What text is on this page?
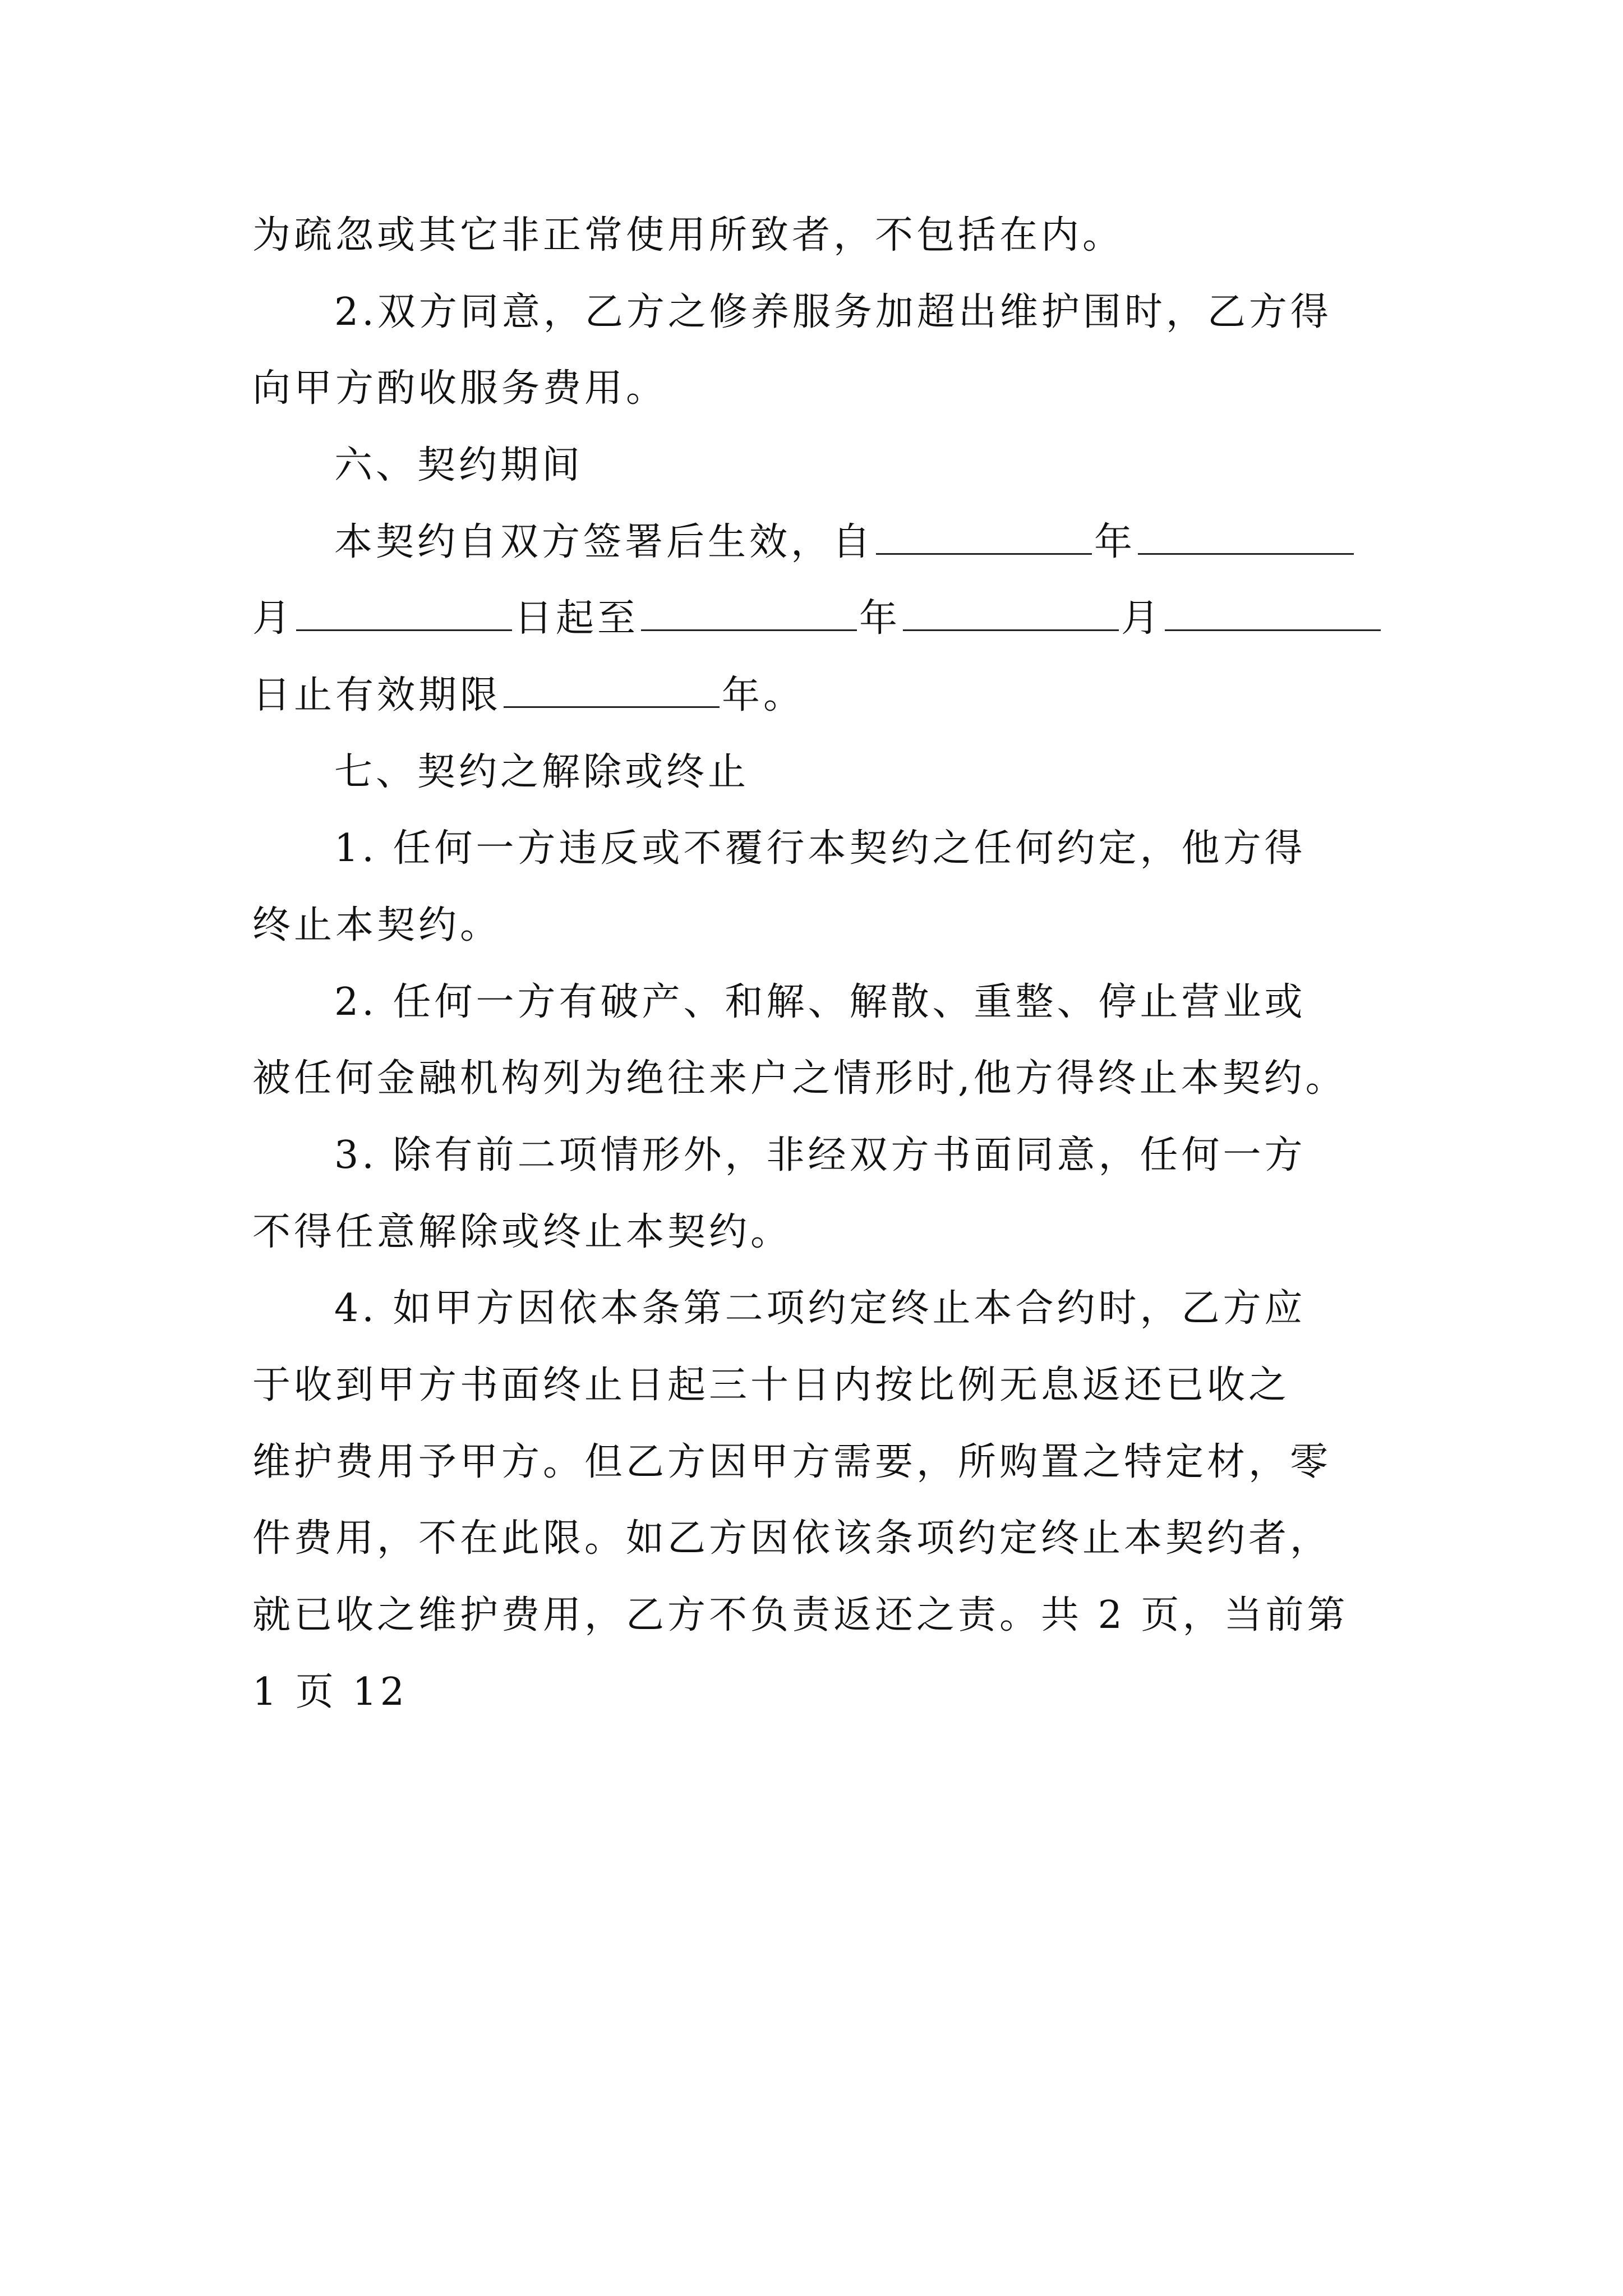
为疏忽或其它非正常使用所致者，不包括在内。
2.双方同意，乙方之修养服务加超出维护围时，乙方得
向甲方酌收服务费用。
六、契约期间
本契约自双方签署后生效，自	年
月	日起至	年	月
日止有效期限	年。
七、契约之解除或终止
1. 任何一方违反或不覆行本契约之任何约定，他方得
终止本契约。
2. 任何一方有破产、和解、解散、重整、停止营业或
被任何金融机构列为绝往来户之情形时,他方得终止本契约。
3. 除有前二项情形外，非经双方书面同意，任何一方
不得任意解除或终止本契约。
4. 如甲方因依本条第二项约定终止本合约时，乙方应
于收到甲方书面终止日起三十日内按比例无息返还已收之
维护费用予甲方。但乙方因甲方需要，所购置之特定材，零
件费用，不在此限。如乙方因依该条项约定终止本契约者，
就已收之维护费用，乙方不负责返还之责。共 2 页，当前第
1 页 12
